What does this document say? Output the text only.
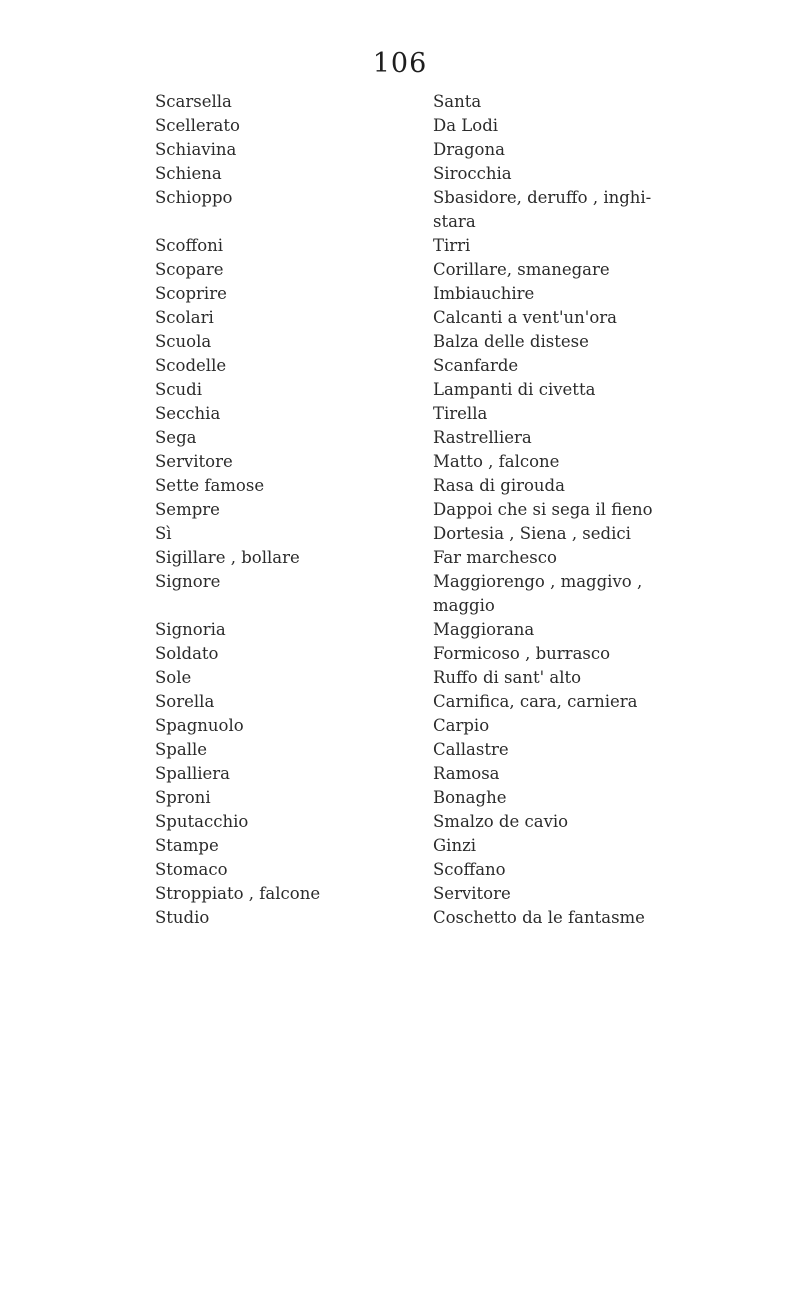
106
Scarsella	Santa
Scellerato	Da Lodi
Schiavina	Dragona
Schiena	Sirocchia
Schioppo	Sbasidore, deruffo , inghi-
stara
Scoffoni	Tirri
Scopare	Corillare, smanegare
Scoprire	Imbiauchire
Scolari	Calcanti a vent'un'ora
Scuola	Balza delle distese
Scodelle	Scanfarde
Scudi	Lampanti di civetta
Secchia	Tirella
Sega	Rastrelliera
Servitore	Matto , falcone
Sette famose	Rasa di girouda
Sempre	Dappoi che si sega il fieno
Sì	Dortesia , Siena , sedici
Sigillare , bollare	Far marchesco
Signore	Maggiorengo , maggivo ,
maggio
Signoria	Maggiorana
Soldato	Formicoso , burrasco
Sole	Ruffo di sant' alto
Sorella	Carnifica, cara, carniera
Spagnuolo	Carpio
Spalle	Callastre
Spalliera	Ramosa
Sproni	Bonaghe
Sputacchio	Smalzo de cavio
Stampe	Ginzi
Stomaco	Scoffano
Stroppiato , falcone	Servitore
Studio	Coschetto da le fantasme
